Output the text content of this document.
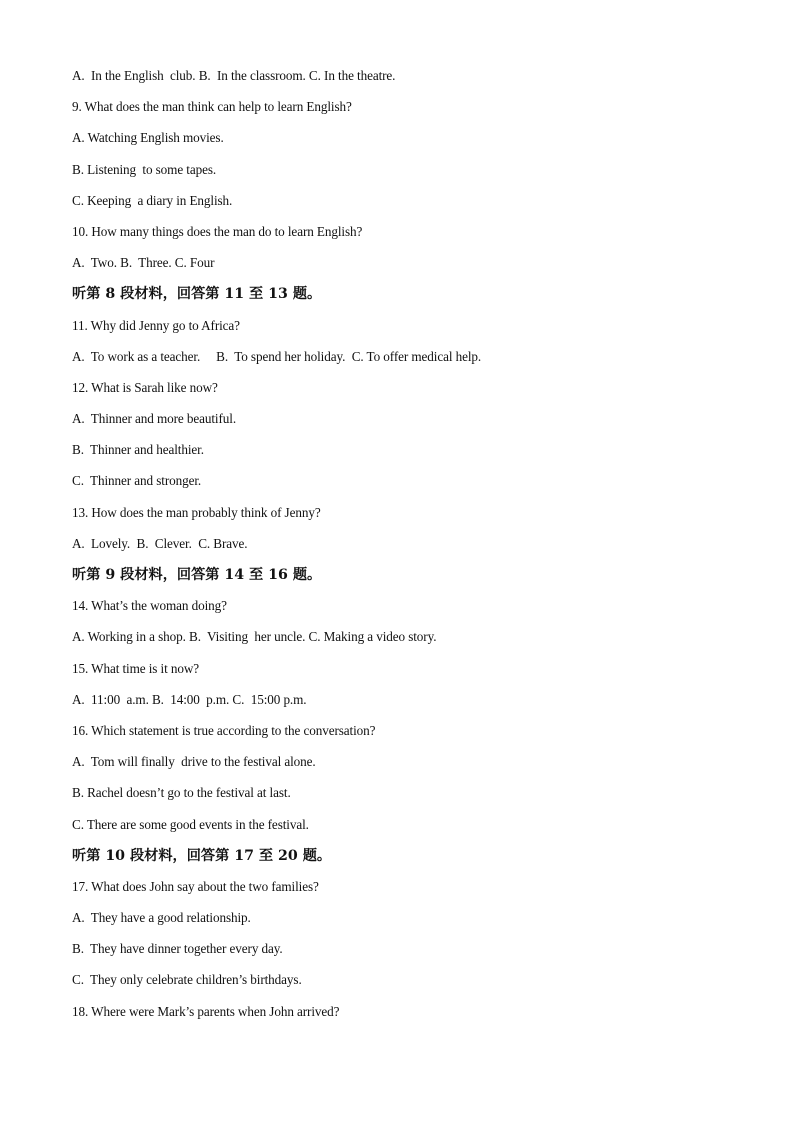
A.  In the English  club. B.  In the classroom. C. In the theatre.
9. What does the man think can help to learn English?
A. Watching English movies.
B. Listening  to some tapes.
C. Keeping  a diary in English.
10. How many things does the man do to learn English?
A.  Two. B.  Three. C. Four
听第 8 段材料，回答第 11 至 13 题。
11. Why did Jenny go to Africa?
A.  To work as a teacher.     B.  To spend her holiday.  C. To offer medical help.
12. What is Sarah like now?
A.  Thinner and more beautiful.
B.  Thinner and healthier.
C.  Thinner and stronger.
13. How does the man probably think of Jenny?
A.  Lovely.  B.  Clever.  C. Brave.
听第 9 段材料，回答第 14 至 16 题。
14. What’s the woman doing?
A. Working in a shop. B.  Visiting  her uncle. C. Making a video story.
15. What time is it now?
A.  11:00  a.m. B.  14:00  p.m. C.  15:00 p.m.
16. Which statement is true according to the conversation?
A.  Tom will finally  drive to the festival alone.
B. Rachel doesn’t go to the festival at last.
C. There are some good events in the festival.
听第 10 段材料，回答第 17 至 20 题。
17. What does John say about the two families?
A.  They have a good relationship.
B.  They have dinner together every day.
C.  They only celebrate children’s birthdays.
18. Where were Mark’s parents when John arrived?
